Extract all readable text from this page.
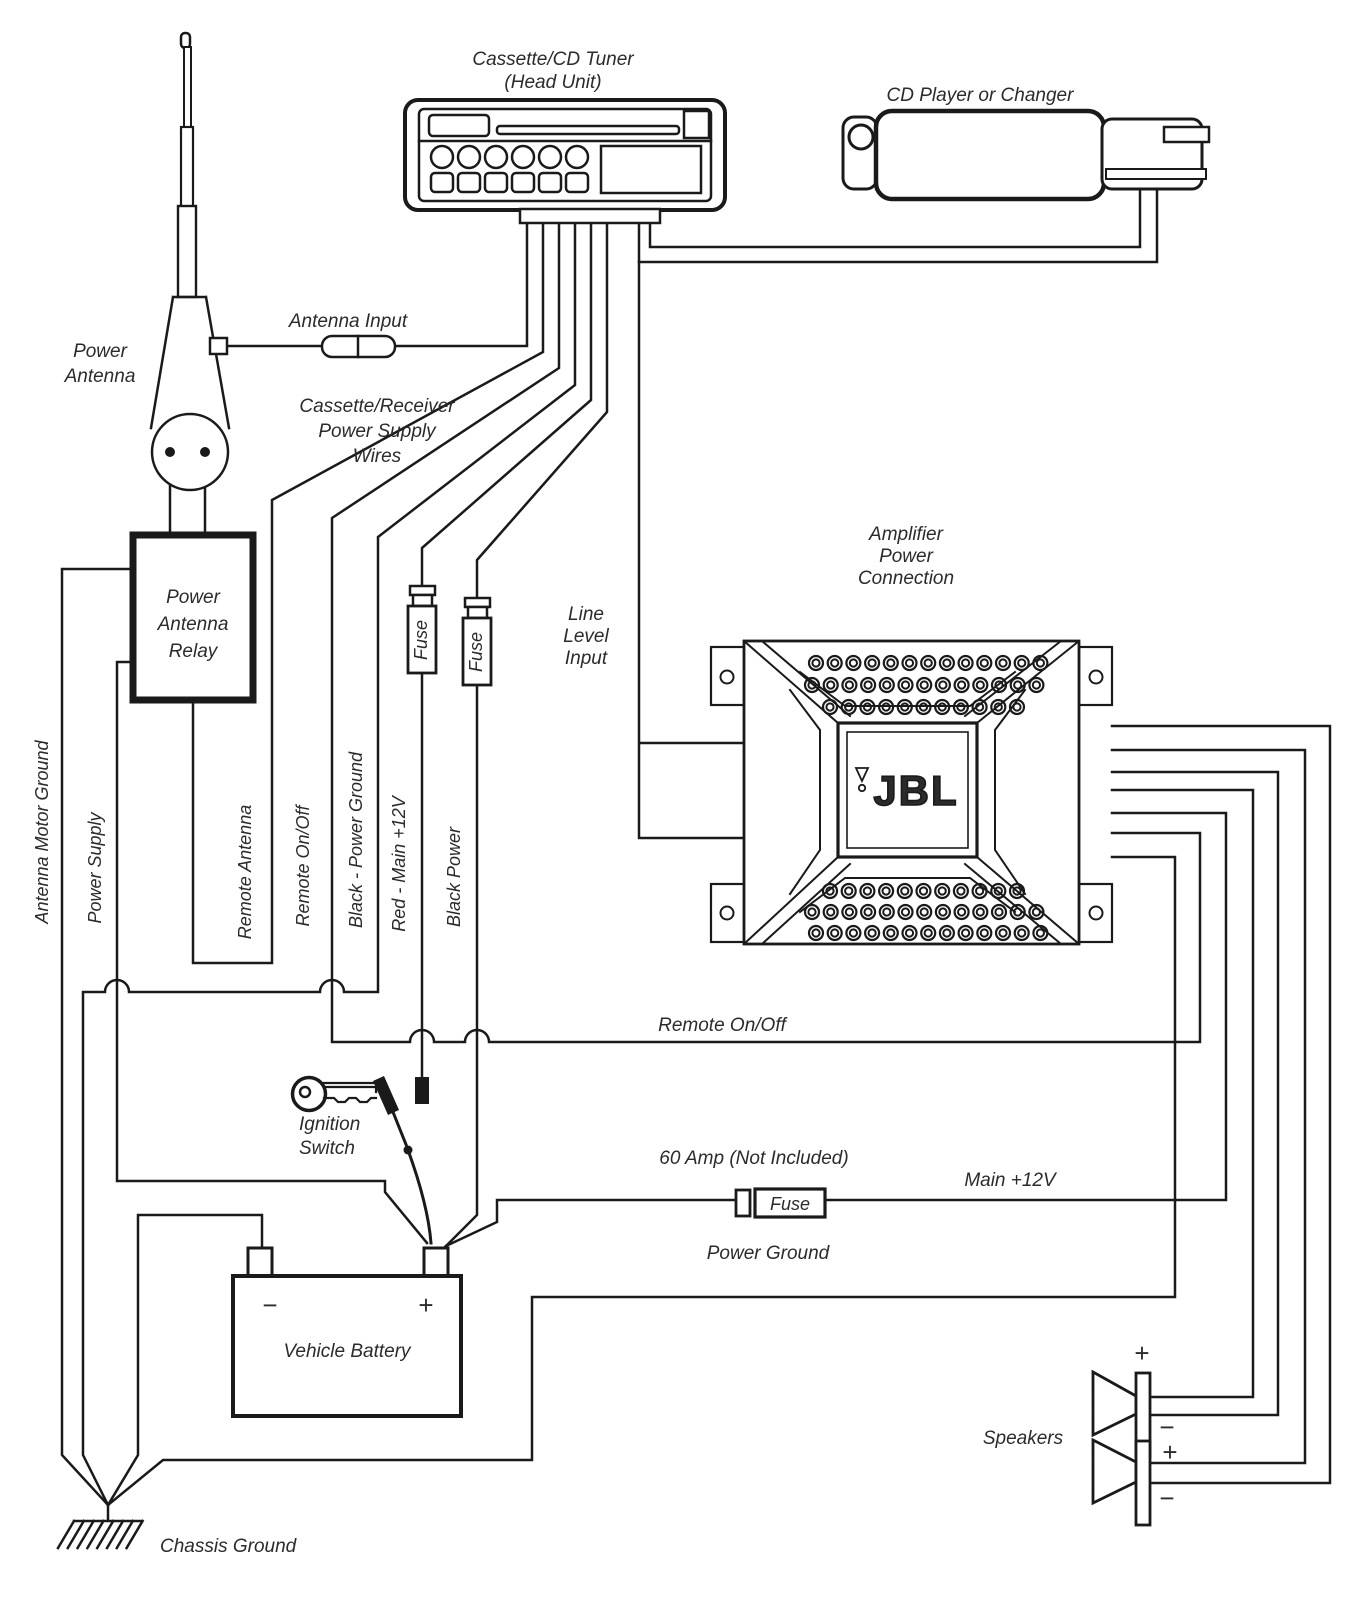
Cassette/CD Tuner
(Head Unit)
CD Player or Changer
Antenna Input
Power
Antenna
Cassette/Receiver
Power Supply
Wires
Power
Antenna
Relay
Amplifier
Power
Connection
Line
Level
Input
Remote On/Off
60 Amp (Not Included)
Main +12V
Power Ground
Vehicle Battery
−	+
Speakers
+
−
+
−
JBL
Ignition
Switch
Chassis Ground
Antenna Motor Ground Power Supply	Remote Antenna Remote On/Off Black - Power Ground Red - Main +12V Black Power
Fuse Fuse
Fuse
